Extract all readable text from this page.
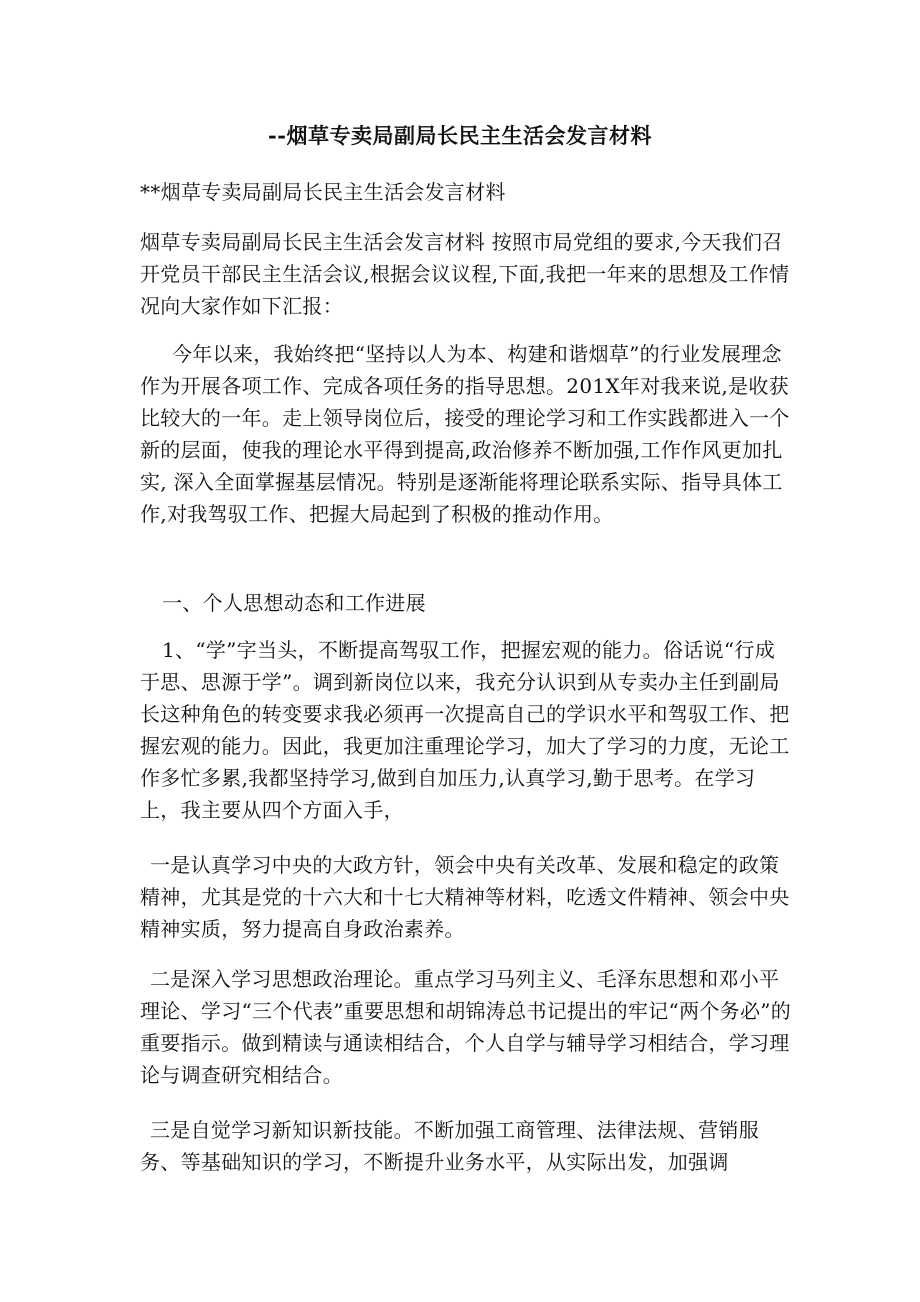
--烟草专卖局副局长民主生活会发言材料

**烟草专卖局副局长民主生活会发言材料

烟草专卖局副局长民主生活会发言材料 按照市局党组的要求,今天我们召开党员干部民主生活会议,根据会议议程,下面,我把一年来的思想及工作情况向大家作如下汇报：

今年以来，我始终把“坚持以人为本、构建和谐烟草”的行业发展理念作为开展各项工作、完成各项任务的指导思想。201X年对我来说,是收获比较大的一年。走上领导岗位后，接受的理论学习和工作实践都进入一个新的层面，使我的理论水平得到提高,政治修养不断加强,工作作风更加扎实, 深入全面掌握基层情况。特别是逐渐能将理论联系实际、指导具体工作,对我驾驭工作、把握大局起到了积极的推动作用。

一、个人思想动态和工作进展

1、“学”字当头，不断提高驾驭工作，把握宏观的能力。俗话说“行成于思、思源于学”。调到新岗位以来，我充分认识到从专卖办主任到副局长这种角色的转变要求我必须再一次提高自己的学识水平和驾驭工作、把握宏观的能力。因此，我更加注重理论学习，加大了学习的力度，无论工作多忙多累,我都坚持学习,做到自加压力,认真学习,勤于思考。在学习上，我主要从四个方面入手，

一是认真学习中央的大政方针，领会中央有关改革、发展和稳定的政策精神，尤其是党的十六大和十七大精神等材料，吃透文件精神、领会中央精神实质，努力提高自身政治素养。

二是深入学习思想政治理论。重点学习马列主义、毛泽东思想和邓小平理论、学习“三个代表”重要思想和胡锦涛总书记提出的牢记“两个务必”的重要指示。做到精读与通读相结合，个人自学与辅导学习相结合，学习理论与调查研究相结合。

三是自觉学习新知识新技能。不断加强工商管理、法律法规、营销服务、等基础知识的学习，不断提升业务水平，从实际出发，加强调
